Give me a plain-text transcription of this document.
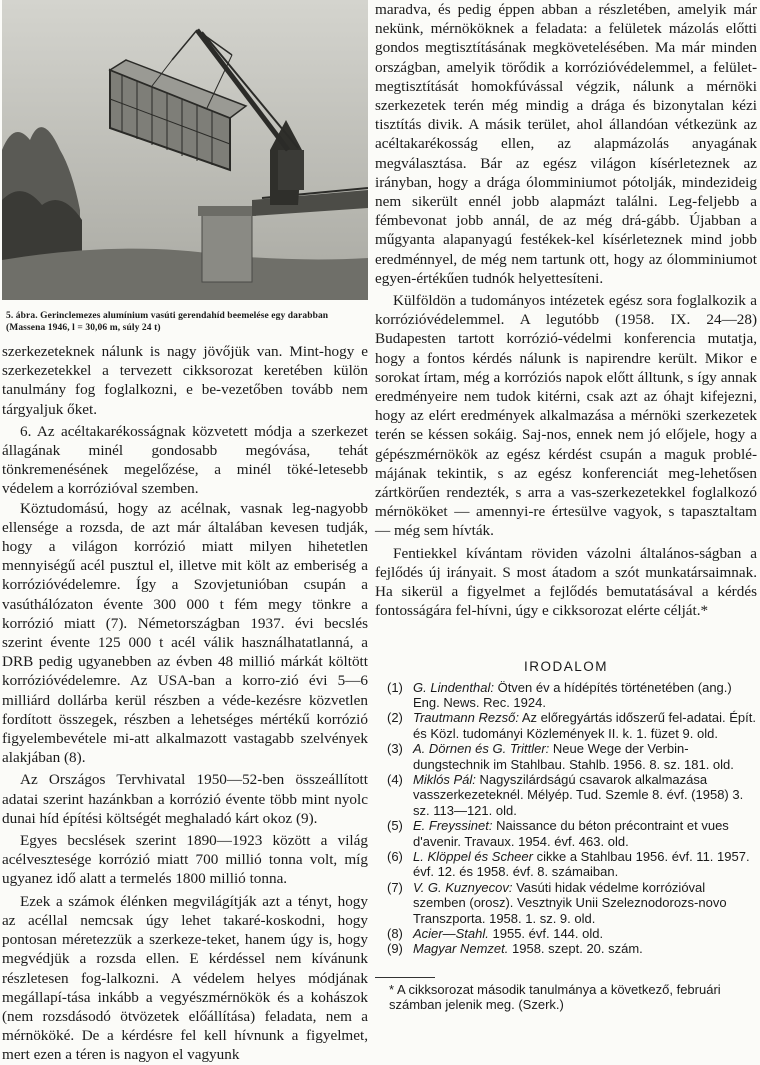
5. ábra. Gerinclemezes alumínium vasúti gerendahíd beemelése egy darabban (Massena 1946, l = 30,06 m, súly 24 t)

szerkezeteknek nálunk is nagy jövőjük van. Mint-hogy e szerkezetekkel a tervezett cikksorozat keretében külön tanulmány fog foglalkozni, e be-vezetőben tovább nem tárgyaljuk őket.

6. Az acéltakarékosságnak közvetett módja a szerkezet állagának minél gondosabb megóvása, tehát tönkremenésének megelőzése, a minél töké-letesebb védelem a korrózióval szemben.

Köztudomású, hogy az acélnak, vasnak leg-nagyobb ellensége a rozsda, de azt már általában kevesen tudják, hogy a világon korrózió miatt milyen hihetetlen mennyiségű acél pusztul el, illetve mit költ az emberiség a korrózióvédelemre. Így a Szovjetunióban csupán a vasúthálózaton évente 300 000 t fém megy tönkre a korrózió miatt (7). Németországban 1937. évi becslés szerint évente 125 000 t acél válik használhatatlanná, a DRB pedig ugyanebben az évben 48 millió márkát költött korrózióvédelemre. Az USA-ban a korro-zió évi 5—6 milliárd dollárba kerül részben a véde-kezésre közvetlen fordított összegek, részben a lehetséges mértékű korrózió figyelembevétele mi-att alkalmazott vastagabb szelvények alakjában (8).

Az Országos Tervhivatal 1950—52-ben összeállított adatai szerint hazánkban a korrózió évente több mint nyolc dunai híd építési költségét meghaladó kárt okoz (9).

Egyes becslések szerint 1890—1923 között a világ acélvesztesége korrózió miatt 700 millió tonna volt, míg ugyanez idő alatt a termelés 1800 millió tonna.

Ezek a számok élénken megvilágítják azt a tényt, hogy az acéllal nemcsak úgy lehet takaré-koskodni, hogy pontosan méretezzük a szerkeze-teket, hanem úgy is, hogy megvédjük a rozsda ellen. E kérdéssel nem kívánunk részletesen fog-lalkozni. A védelem helyes módjának megállapí-tása inkább a vegyészmérnökök és a kohászok (nem rozsdásodó ötvözetek előállítása) feladata, nem a mérnököké. De a kérdésre fel kell hívnunk a figyelmet, mert ezen a téren is nagyon el vagyunk

maradva, és pedig éppen abban a részletében, amelyik már nekünk, mérnököknek a feladata: a felületek mázolás előtti gondos megtisztításának megkövetelésében. Ma már minden országban, amelyik törődik a korrózióvédelemmel, a felület-megtisztítását homokfúvással végzik, nálunk a mérnöki szerkezetek terén még mindig a drága és bizonytalan kézi tisztítás divik. A másik terület, ahol állandóan vétkezünk az acéltakarékosság ellen, az alapmázolás anyagának megválasztása. Bár az egész világon kísérleteznek az irányban, hogy a drága ólomminiumot pótolják, mindezideig nem sikerült ennél jobb alapmázt találni. Leg-feljebb a fémbevonat jobb annál, de az még drá-gább. Újabban a műgyanta alapanyagú festékek-kel kísérleteznek mind jobb eredménnyel, de még nem tartunk ott, hogy az ólomminiumot egyen-értékűen tudnók helyettesíteni.

Külföldön a tudományos intézetek egész sora foglalkozik a korrózióvédelemmel. A legutóbb (1958. IX. 24—28) Budapesten tartott korrózió-védelmi konferencia mutatja, hogy a fontos kérdés nálunk is napirendre került. Mikor e sorokat írtam, még a korróziós napok előtt álltunk, s így annak eredményeire nem tudok kitérni, csak azt az óhajt kifejezni, hogy az elért eredmények alkalmazása a mérnöki szerkezetek terén se késsen sokáig. Saj-nos, ennek nem jó előjele, hogy a gépészmérnökök az egész kérdést csupán a maguk problé-májának tekintik, s az egész konferenciát meg-lehetősen zártkörűen rendezték, s arra a vas-szerkezetekkel foglalkozó mérnököket — amennyi-re értesülve vagyok, s tapasztaltam — még sem hívták.

Fentiekkel kívántam röviden vázolni általános-ságban a fejlődés új irányait. S most átadom a szót munkatársaimnak. Ha sikerül a figyelmet a fejlődés bemutatásával a kérdés fontosságára fel-hívni, úgy e cikksorozat elérte célját.*

IRODALOM
(1) G. Lindenthal: Ötven év a hídépítés történetében (ang.) Eng. News. Rec. 1924.
(2) Trautmann Rezső: Az előregyártás időszerű fel-adatai. Épít. és Közl. tudományi Közlemények II. k. 1. füzet 9. old.
(3) A. Dörnen és G. Trittler: Neue Wege der Verbin-dungstechnik im Stahlbau. Stahlb. 1956. 8. sz. 181. old.
(4) Miklós Pál: Nagyszilárdságú csavarok alkalmazása vasszerkezeteknél. Mélyép. Tud. Szemle 8. évf. (1958) 3. sz. 113—121. old.
(5) E. Freyssinet: Naissance du béton précontraint et vues d'avenir. Travaux. 1954. évf. 463. old.
(6) L. Klöppel és Scheer cikke a Stahlbau 1956. évf. 11. 1957. évf. 12. és 1958. évf. 8. számaiban.
(7) V. G. Kuznyecov: Vasúti hidak védelme korrózióval szemben (orosz). Vesztnyik Unii Szeleznodorozs-novo Transzporta. 1958. 1. sz. 9. old.
(8) Acier—Stahl. 1955. évf. 144. old.
(9) Magyar Nemzet. 1958. szept. 20. szám.
* A cikksorozat második tanulmánya a következő, februári számban jelenik meg. (Szerk.)
